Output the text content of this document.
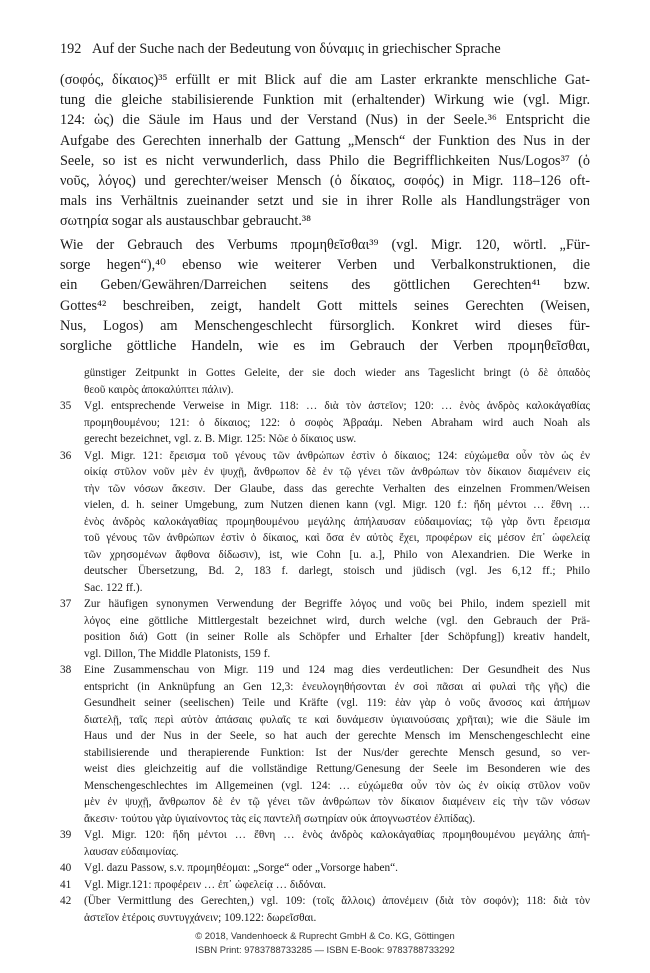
192 Auf der Suche nach der Bedeutung von δύναμις in griechischer Sprache
(σοφός, δίκαιος)³⁵ erfüllt er mit Blick auf die am Laster erkrankte menschliche Gat-
tung die gleiche stabilisierende Funktion mit (erhaltender) Wirkung wie (vgl. Migr.
124: ὡς) die Säule im Haus und der Verstand (Nus) in der Seele.³⁶ Entspricht die
Aufgabe des Gerechten innerhalb der Gattung „Mensch“ der Funktion des Nus in der
Seele, so ist es nicht verwunderlich, dass Philo die Begrifflichkeiten Nus/Logos³⁷ (ὁ
νοῦς, λόγος) und gerechter/weiser Mensch (ὁ δίκαιος, σοφός) in Migr. 118–126 oft-
mals ins Verhältnis zueinander setzt und sie in ihrer Rolle als Handlungsträger von
σωτηρία sogar als austauschbar gebraucht.³⁸
Wie der Gebrauch des Verbums προμηθεῖσθαι³⁹ (vgl. Migr. 120, wörtl. „Für-
sorge hegen“),⁴⁰ ebenso wie weiterer Verben und Verbalkonstruktionen, die
ein Geben/Gewähren/Darreichen seitens des göttlichen Gerechten⁴¹ bzw.
Gottes⁴² beschreiben, zeigt, handelt Gott mittels seines Gerechten (Weisen,
Nus, Logos) am Menschengeschlecht fürsorglich. Konkret wird dieses für-
sorgliche göttliche Handeln, wie es im Gebrauch der Verben προμηθεῖσθαι,
günstiger Zeitpunkt in Gottes Geleite, der sie doch wieder ans Tageslicht bringt (ὁ δὲ ὀπαδὸς
θεοῦ καιρὸς ἀποκαλύπτει πάλιν).
35 Vgl. entsprechende Verweise in Migr. 118: … διὰ τὸν ἀστεῖον; 120: … ἑνὸς ἀνδρὸς καλοκἀγαθίας
προμηθουμένου; 121: ὁ δίκαιος; 122: ὁ σοφὸς Ἀβραάμ. Neben Abraham wird auch Noah als
gerecht bezeichnet, vgl. z. B. Migr. 125: Νῶε ὁ δίκαιος usw.
36 Vgl. Migr. 121: ἔρεισμα τοῦ γένους τῶν ἀνθρώπων ἐστὶν ὁ δίκαιος; 124: εὐχώμεθα οὖν τὸν ὡς ἐν
οἰκίᾳ στῦλον νοῦν μὲν ἐν ψυχῇ, ἄνθρωπον δὲ ἐν τῷ γένει τῶν ἀνθρώπων τὸν δίκαιον διαμένειν εἰς
τὴν τῶν νόσων ἄκεσιν. Der Glaube, dass das gerechte Verhalten des einzelnen Frommen/Weisen
vielen, d. h. seiner Umgebung, zum Nutzen dienen kann (vgl. Migr. 120 f.: ἤδη μέντοι … ἔθνη …
ἑνὸς ἀνδρὸς καλοκἀγαθίας προμηθουμένου μεγάλης ἀπήλαυσαν εὐδαιμονίας; τῷ γὰρ ὄντι ἔρεισμα
τοῦ γένους τῶν ἀνθρώπων ἐστὶν ὁ δίκαιος, καὶ ὅσα ἐν αὐτὸς ἔχει, προφέρων εἰς μέσον ἐπ᾽ ὠφελείᾳ
τῶν χρησομένων ἄφθονα δίδωσιν), ist, wie Cohn [u. a.], Philo von Alexandrien. Die Werke in
deutscher Übersetzung, Bd. 2, 183 f. darlegt, stoisch und jüdisch (vgl. Jes 6,12 ff.; Philo
Sac. 122 ff.).
37 Zur häufigen synonymen Verwendung der Begriffe λόγος und νοῦς bei Philo, indem speziell mit
λόγος eine göttliche Mittlergestalt bezeichnet wird, durch welche (vgl. den Gebrauch der Prä-
position διά) Gott (in seiner Rolle als Schöpfer und Erhalter [der Schöpfung]) kreativ handelt,
vgl. Dillon, The Middle Platonists, 159 f.
38 Eine Zusammenschau von Migr. 119 und 124 mag dies verdeutlichen: Der Gesundheit des Nus
entspricht (in Anknüpfung an Gen 12,3: ἐνευλογηθήσονται ἐν σοὶ πᾶσαι αἱ φυλαὶ τῆς γῆς) die
Gesundheit seiner (seelischen) Teile und Kräfte (vgl. 119: ἐὰν γὰρ ὁ νοῦς ἄνοσος καὶ ἀπήμων
διατελῇ, ταῖς περὶ αὐτὸν ἁπάσαις φυλαῖς τε καὶ δυνάμεσιν ὑγιαινούσαις χρῆται); wie die Säule im
Haus und der Nus in der Seele, so hat auch der gerechte Mensch im Menschengeschlecht eine
stabilisierende und therapierende Funktion: Ist der Nus/der gerechte Mensch gesund, so ver-
weist dies gleichzeitig auf die vollständige Rettung/Genesung der Seele im Besonderen wie des
Menschengeschlechtes im Allgemeinen (vgl. 124: … εὐχώμεθα οὖν τὸν ὡς ἐν οἰκίᾳ στῦλον νοῦν
μὲν ἐν ψυχῇ, ἄνθρωπον δὲ ἐν τῷ γένει τῶν ἀνθρώπων τὸν δίκαιον διαμένειν εἰς τὴν τῶν νόσων
ἄκεσιν· τούτου γὰρ ὑγιαίνοντος τὰς εἰς παντελῆ σωτηρίαν οὐκ ἀπογνωστέον ἐλπίδας).
39 Vgl. Migr. 120: ἤδη μέντοι … ἔθνη … ἑνὸς ἀνδρὸς καλοκἀγαθίας προμηθουμένου μεγάλης ἀπή-
λαυσαν εὐδαιμονίας.
40 Vgl. dazu Passow, s.v. προμηθέομαι: „Sorge“ oder „Vorsorge haben“.
41 Vgl. Migr.121: προφέρειν … ἐπ᾽ ὠφελείᾳ … διδόναι.
42 (Über Vermittlung des Gerechten,) vgl. 109: (τοῖς ἄλλοις) ἀπονέμειν (διὰ τὸν σοφόν); 118: διὰ τὸν
ἀστεῖον ἑτέροις συντυγχάνειν; 109.122: δωρεῖσθαι.
© 2018, Vandenhoeck & Ruprecht GmbH & Co. KG, Göttingen
ISBN Print: 9783788733285 — ISBN E-Book: 9783788733292
